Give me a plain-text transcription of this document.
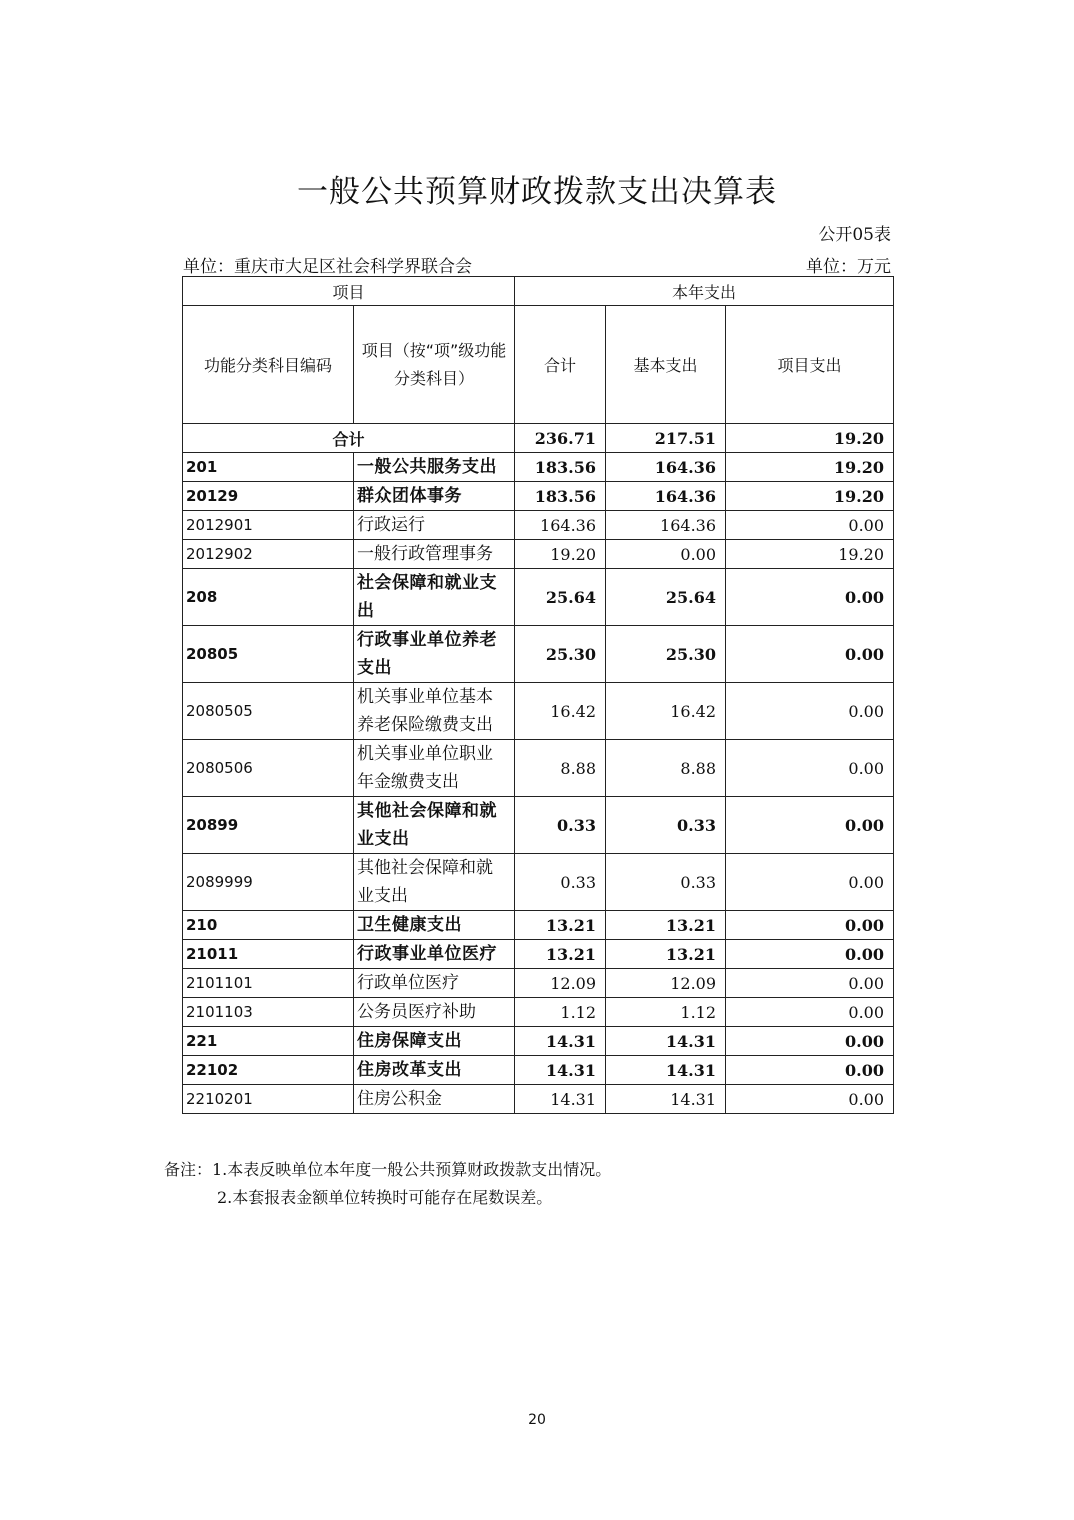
一般公共预算财政拨款支出决算表
公开05表
单位：重庆市大足区社会科学界联合会	单位：万元
项目		本年支出		
功能分类科目编码	项目（按“项”级功能分类科目）	合计	基本支出	项目支出
合计		236.71	217.51	19.20
201	一般公共服务支出	183.56	164.36	19.20
20129	群众团体事务	183.56	164.36	19.20
2012901	行政运行	164.36	164.36	0.00
2012902	一般行政管理事务	19.20	0.00	19.20
208	社会保障和就业支出	25.64	25.64	0.00
20805	行政事业单位养老支出	25.30	25.30	0.00
2080505	机关事业单位基本养老保险缴费支出	16.42	16.42	0.00
2080506	机关事业单位职业年金缴费支出	8.88	8.88	0.00
20899	其他社会保障和就业支出	0.33	0.33	0.00
2089999	其他社会保障和就业支出	0.33	0.33	0.00
210	卫生健康支出	13.21	13.21	0.00
21011	行政事业单位医疗	13.21	13.21	0.00
2101101	行政单位医疗	12.09	12.09	0.00
2101103	公务员医疗补助	1.12	1.12	0.00
221	住房保障支出	14.31	14.31	0.00
22102	住房改革支出	14.31	14.31	0.00
2210201	住房公积金	14.31	14.31	0.00
备注：1.本表反映单位本年度一般公共预算财政拨款支出情况。
2.本套报表金额单位转换时可能存在尾数误差。
20
